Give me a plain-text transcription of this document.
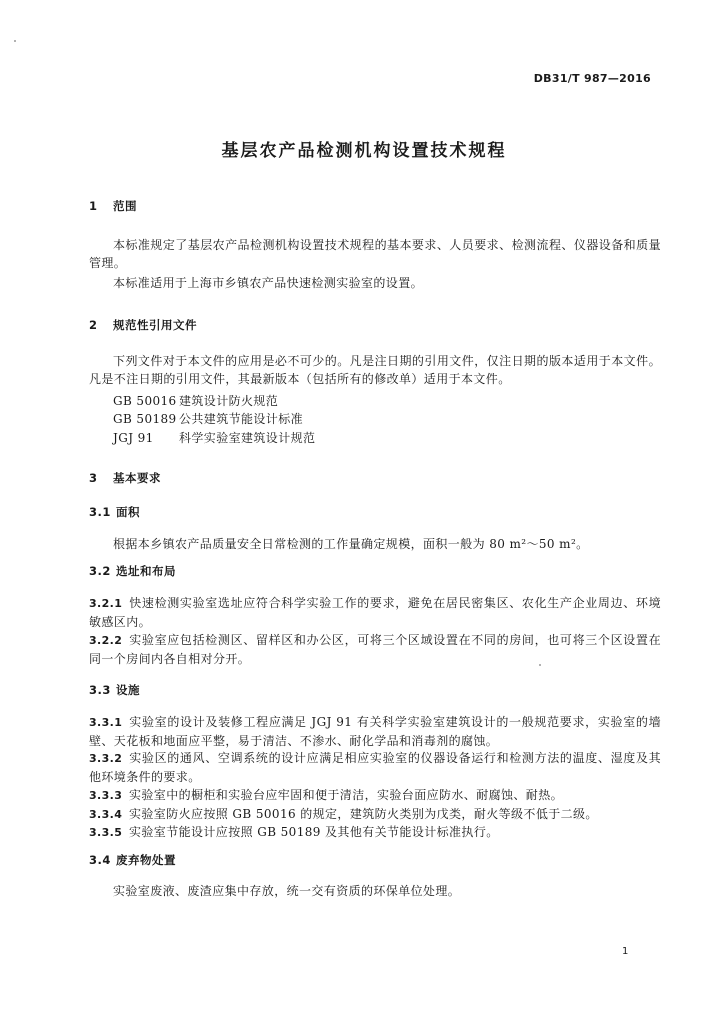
DB31/T 987—2016
基层农产品检测机构设置技术规程
1 范围
本标准规定了基层农产品检测机构设置技术规程的基本要求、人员要求、检测流程、仪器设备和质量管理。
本标准适用于上海市乡镇农产品快速检测实验室的设置。
2 规范性引用文件
下列文件对于本文件的应用是必不可少的。凡是注日期的引用文件，仅注日期的版本适用于本文件。凡是不注日期的引用文件，其最新版本（包括所有的修改单）适用于本文件。
GB 50016 建筑设计防火规范
GB 50189 公共建筑节能设计标准
JGJ 91 科学实验室建筑设计规范
3 基本要求
3.1 面积
根据本乡镇农产品质量安全日常检测的工作量确定规模，面积一般为 80 m²～50 m²。
3.2 选址和布局
3.2.1 快速检测实验室选址应符合科学实验工作的要求，避免在居民密集区、农化生产企业周边、环境敏感区内。
3.2.2 实验室应包括检测区、留样区和办公区，可将三个区域设置在不同的房间，也可将三个区设置在同一个房间内各自相对分开。
3.3 设施
3.3.1 实验室的设计及装修工程应满足 JGJ 91 有关科学实验室建筑设计的一般规范要求，实验室的墙壁、天花板和地面应平整，易于清洁、不渗水、耐化学品和消毒剂的腐蚀。
3.3.2 实验区的通风、空调系统的设计应满足相应实验室的仪器设备运行和检测方法的温度、湿度及其他环境条件的要求。
3.3.3 实验室中的橱柜和实验台应牢固和便于清洁，实验台面应防水、耐腐蚀、耐热。
3.3.4 实验室防火应按照 GB 50016 的规定，建筑防火类别为戊类，耐火等级不低于二级。
3.3.5 实验室节能设计应按照 GB 50189 及其他有关节能设计标准执行。
3.4 废弃物处置
实验室废液、废渣应集中存放，统一交有资质的环保单位处理。
1
